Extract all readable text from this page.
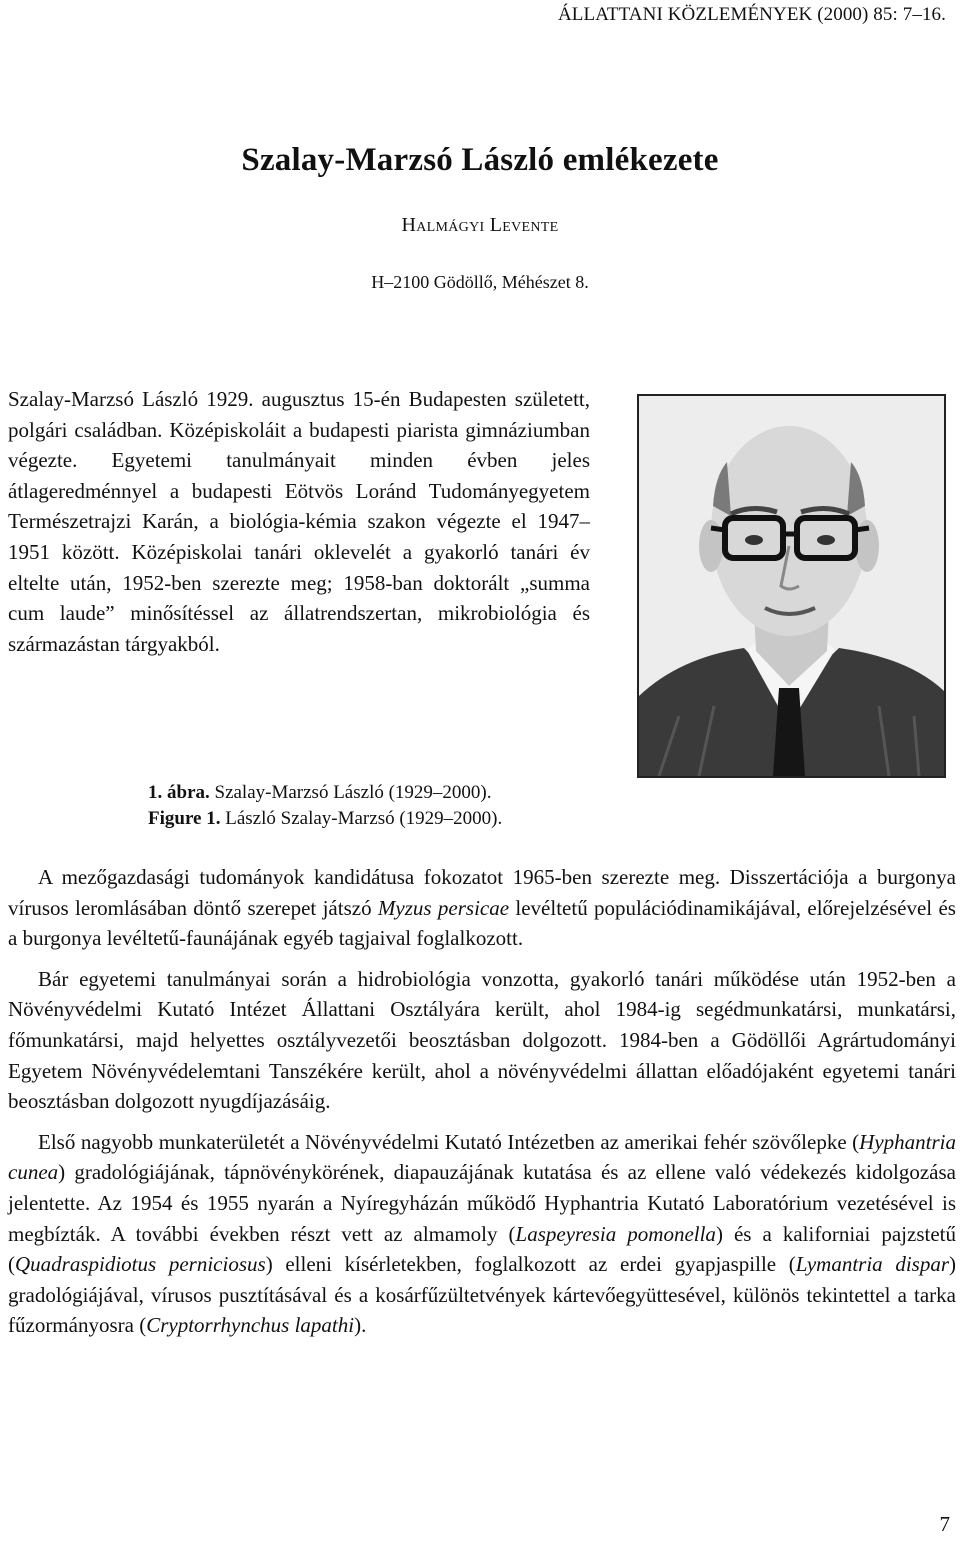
ÁLLATTANI KÖZLEMÉNYEK (2000) 85: 7–16.
Szalay-Marzsó László emlékezete
Halmágyi Levente
H–2100 Gödöllő, Méhészet 8.

Szalay-Marzsó László 1929. augusztus 15-én Budapesten született, polgári családban. Középiskoláit a budapesti piarista gimnáziumban végezte. Egyetemi tanulmányait minden évben jeles átlageredménnyel a budapesti Eötvös Loránd Tudományegyetem Természetrajzi Karán, a biológia-kémia szakon végezte el 1947–1951 között. Középiskolai tanári oklevelét a gyakorló tanári év eltelte után, 1952-ben szerezte meg; 1958-ban doktorált „summa cum laude” minősítéssel az állatrendszertan, mikrobiológia és származástan tárgyakból.

1. ábra. Szalay-Marzsó László (1929–2000).
Figure 1. László Szalay-Marzsó (1929–2000).

A mezőgazdasági tudományok kandidátusa fokozatot 1965-ben szerezte meg. Disszertációja a burgonya vírusos leromlásában döntő szerepet játszó Myzus persicae levéltetű populációdinamikájával, előrejelzésével és a burgonya levéltetű-faunájának egyéb tagjaival foglalkozott.

Bár egyetemi tanulmányai során a hidrobiológia vonzotta, gyakorló tanári működése után 1952-ben a Növényvédelmi Kutató Intézet Állattani Osztályára került, ahol 1984-ig segédmunkatársi, munkatársi, főmunkatársi, majd helyettes osztályvezetői beosztásban dolgozott. 1984-ben a Gödöllői Agrártudományi Egyetem Növényvédelemtani Tanszékére került, ahol a növényvédelmi állattan előadójaként egyetemi tanári beosztásban dolgozott nyugdíjazásáig.

Első nagyobb munkaterületét a Növényvédelmi Kutató Intézetben az amerikai fehér szövőlepke (Hyphantria cunea) gradológiájának, tápnövénykörének, diapauzájának kutatása és az ellene való védekezés kidolgozása jelentette. Az 1954 és 1955 nyarán a Nyíregyházán működő Hyphantria Kutató Laboratórium vezetésével is megbízták. A további években részt vett az almamoly (Laspeyresia pomonella) és a kaliforniai pajzstetű (Quadraspidiotus perniciosus) elleni kísérletekben, foglalkozott az erdei gyapjaspille (Lymantria dispar) gradológiájával, vírusos pusztításával és a kosárfűzültetvények kártevőegyüttesével, különös tekintettel a tarka fűzormányosra (Cryptorrhynchus lapathi).

7
